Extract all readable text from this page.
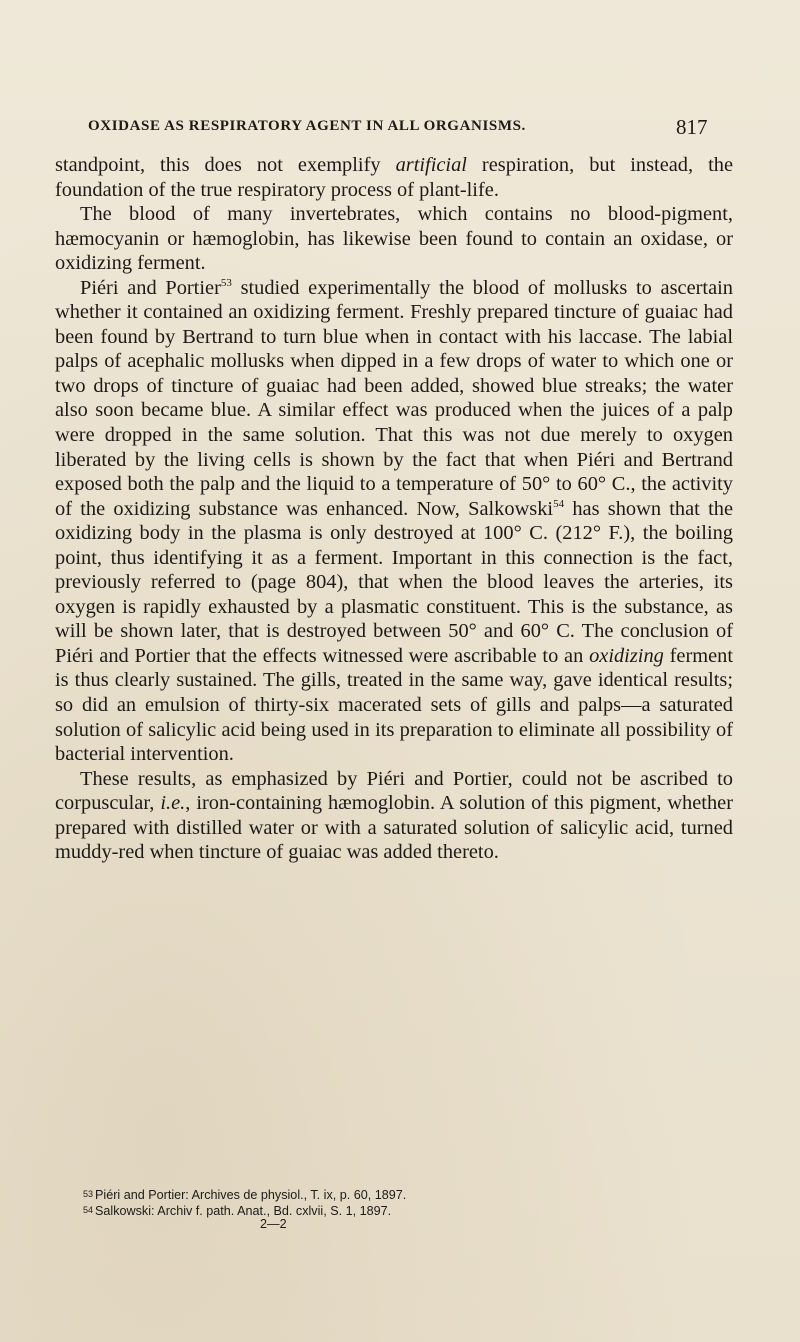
OXIDASE AS RESPIRATORY AGENT IN ALL ORGANISMS.	817

standpoint, this does not exemplify artificial respiration, but instead, the foundation of the true respiratory process of plant-life.

The blood of many invertebrates, which contains no blood-pigment, hæmocyanin or hæmoglobin, has likewise been found to contain an oxidase, or oxidizing ferment.

Piéri and Portier$^{53}$ studied experimentally the blood of mollusks to ascertain whether it contained an oxidizing ferment. Freshly prepared tincture of guaiac had been found by Bertrand to turn blue when in contact with his laccase. The labial palps of acephalic mollusks when dipped in a few drops of water to which one or two drops of tincture of guaiac had been added, showed blue streaks; the water also soon became blue. A similar effect was produced when the juices of a palp were dropped in the same solution. That this was not due merely to oxygen liberated by the living cells is shown by the fact that when Piéri and Bertrand exposed both the palp and the liquid to a temperature of 50° to 60° C., the activity of the oxidizing substance was enhanced. Now, Salkowski$^{54}$ has shown that the oxidizing body in the plasma is only destroyed at 100° C. (212° F.), the boiling point, thus identifying it as a ferment. Important in this connection is the fact, previously referred to (page 804), that when the blood leaves the arteries, its oxygen is rapidly exhausted by a plasmatic constituent. This is the substance, as will be shown later, that is destroyed between 50° and 60° C. The conclusion of Piéri and Portier that the effects witnessed were ascribable to an oxidizing ferment is thus clearly sustained. The gills, treated in the same way, gave identical results; so did an emulsion of thirty-six macerated sets of gills and palps—a saturated solution of salicylic acid being used in its preparation to eliminate all possibility of bacterial intervention.

These results, as emphasized by Piéri and Portier, could not be ascribed to corpuscular, i.e., iron-containing hæmoglobin. A solution of this pigment, whether prepared with distilled water or with a saturated solution of salicylic acid, turned muddy-red when tincture of guaiac was added thereto.

53 Piéri and Portier: Archives de physiol., T. ix, p. 60, 1897.
54 Salkowski: Archiv f. path. Anat., Bd. cxlvii, S. 1, 1897.
2—2
